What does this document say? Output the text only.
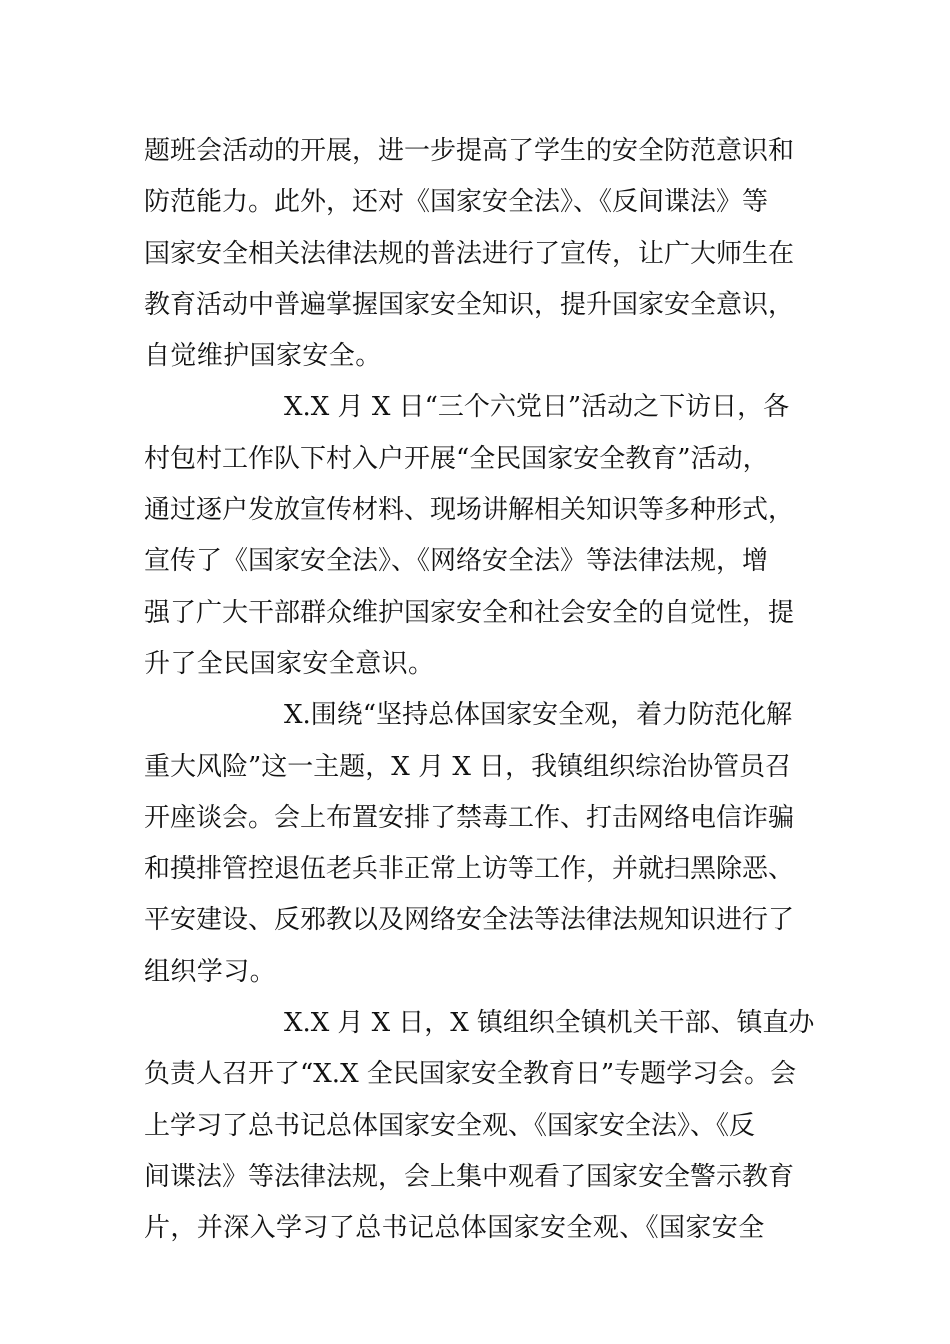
题班会活动的开展，进一步提高了学生的安全防范意识和
防范能力。此外，还对《国家安全法》、《反间谍法》等
国家安全相关法律法规的普法进行了宣传，让广大师生在
教育活动中普遍掌握国家安全知识，提升国家安全意识，
自觉维护国家安全。

X.X 月 X 日“三个六党日”活动之下访日，各
村包村工作队下村入户开展“全民国家安全教育”活动，
通过逐户发放宣传材料、现场讲解相关知识等多种形式，
宣传了《国家安全法》、《网络安全法》等法律法规，增
强了广大干部群众维护国家安全和社会安全的自觉性，提
升了全民国家安全意识。

X.围绕“坚持总体国家安全观，着力防范化解
重大风险”这一主题，X 月 X 日，我镇组织综治协管员召
开座谈会。会上布置安排了禁毒工作、打击网络电信诈骗
和摸排管控退伍老兵非正常上访等工作，并就扫黑除恶、
平安建设、反邪教以及网络安全法等法律法规知识进行了
组织学习。

X.X 月 X 日，X 镇组织全镇机关干部、镇直办
负责人召开了“X.X 全民国家安全教育日”专题学习会。会
上学习了总书记总体国家安全观、《国家安全法》、《反
间谍法》等法律法规，会上集中观看了国家安全警示教育
片，并深入学习了总书记总体国家安全观、《国家安全
